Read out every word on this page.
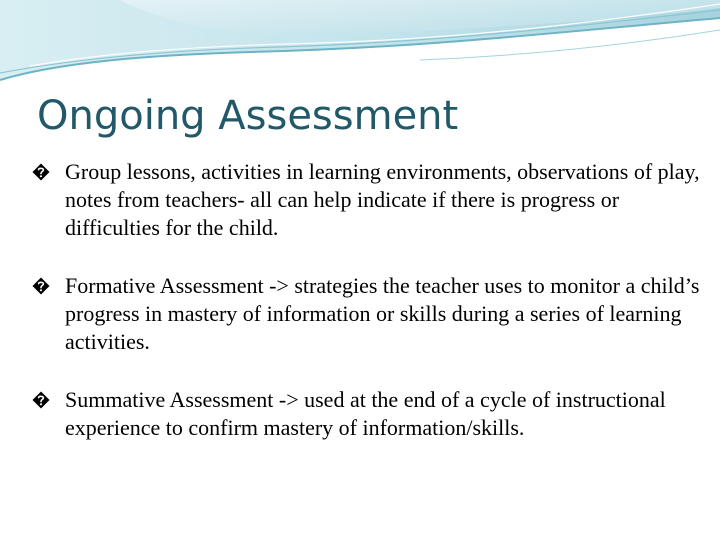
Ongoing Assessment
Group lessons, activities in learning environments, observations of play, notes from teachers- all can help indicate if there is progress or difficulties for the child.
Formative Assessment -> strategies the teacher uses to monitor a child’s progress in mastery of information or skills during a series of learning activities.
Summative Assessment -> used at the end of a cycle of instructional experience to confirm mastery of information/skills.
